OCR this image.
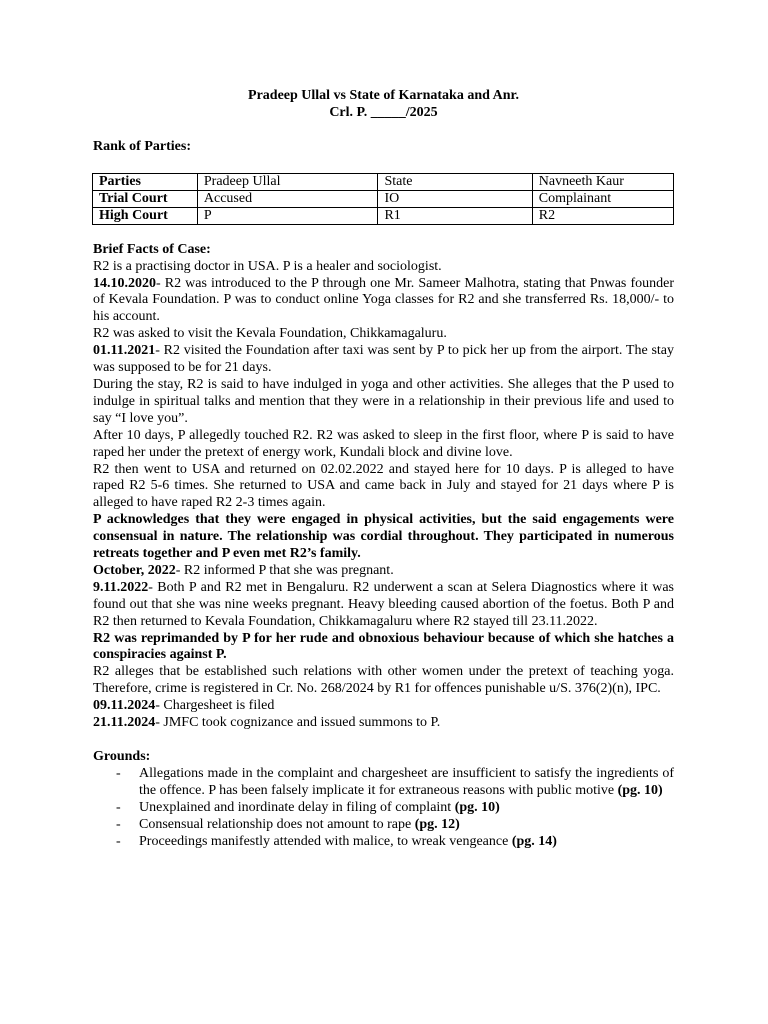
Pradeep Ullal vs State of Karnataka and Anr.

Crl. P. _____/2025

Rank of Parties:

Parties	Pradeep Ullal	State	Navneeth Kaur
Trial Court	Accused	IO	Complainant
High Court	P	R1	R2

Brief Facts of Case:

R2 is a practising doctor in USA. P is a healer and sociologist.

14.10.2020- R2 was introduced to the P through one Mr. Sameer Malhotra, stating that Pnwas founder of Kevala Foundation. P was to conduct online Yoga classes for R2 and she transferred Rs. 18,000/- to his account.

R2 was asked to visit the Kevala Foundation, Chikkamagaluru.

01.11.2021- R2 visited the Foundation after taxi was sent by P to pick her up from the airport. The stay was supposed to be for 21 days.

During the stay, R2 is said to have indulged in yoga and other activities. She alleges that the P used to indulge in spiritual talks and mention that they were in a relationship in their previous life and used to say “I love you”.

After 10 days, P allegedly touched R2. R2 was asked to sleep in the first floor, where P is said to have raped her under the pretext of energy work, Kundali block and divine love.

R2 then went to USA and returned on 02.02.2022 and stayed here for 10 days. P is alleged to have raped R2 5-6 times. She returned to USA and came back in July and stayed for 21 days where P is alleged to have raped R2 2-3 times again.

P acknowledges that they were engaged in physical activities, but the said engagements were consensual in nature. The relationship was cordial throughout. They participated in numerous retreats together and P even met R2’s family.

October, 2022- R2 informed P that she was pregnant.

9.11.2022- Both P and R2 met in Bengaluru. R2 underwent a scan at Selera Diagnostics where it was found out that she was nine weeks pregnant. Heavy bleeding caused abortion of the foetus. Both P and R2 then returned to Kevala Foundation, Chikkamagaluru where R2 stayed till 23.11.2022.

R2 was reprimanded by P for her rude and obnoxious behaviour because of which she hatches a conspiracies against P.

R2 alleges that be established such relations with other women under the pretext of teaching yoga. Therefore, crime is registered in Cr. No. 268/2024 by R1 for offences punishable u/S. 376(2)(n), IPC.

09.11.2024- Chargesheet is filed

21.11.2024- JMFC took cognizance and issued summons to P.

Grounds:

- Allegations made in the complaint and chargesheet are insufficient to satisfy the ingredients of the offence. P has been falsely implicate it for extraneous reasons with public motive (pg. 10)
- Unexplained and inordinate delay in filing of complaint (pg. 10)
- Consensual relationship does not amount to rape (pg. 12)
- Proceedings manifestly attended with malice, to wreak vengeance (pg. 14)
